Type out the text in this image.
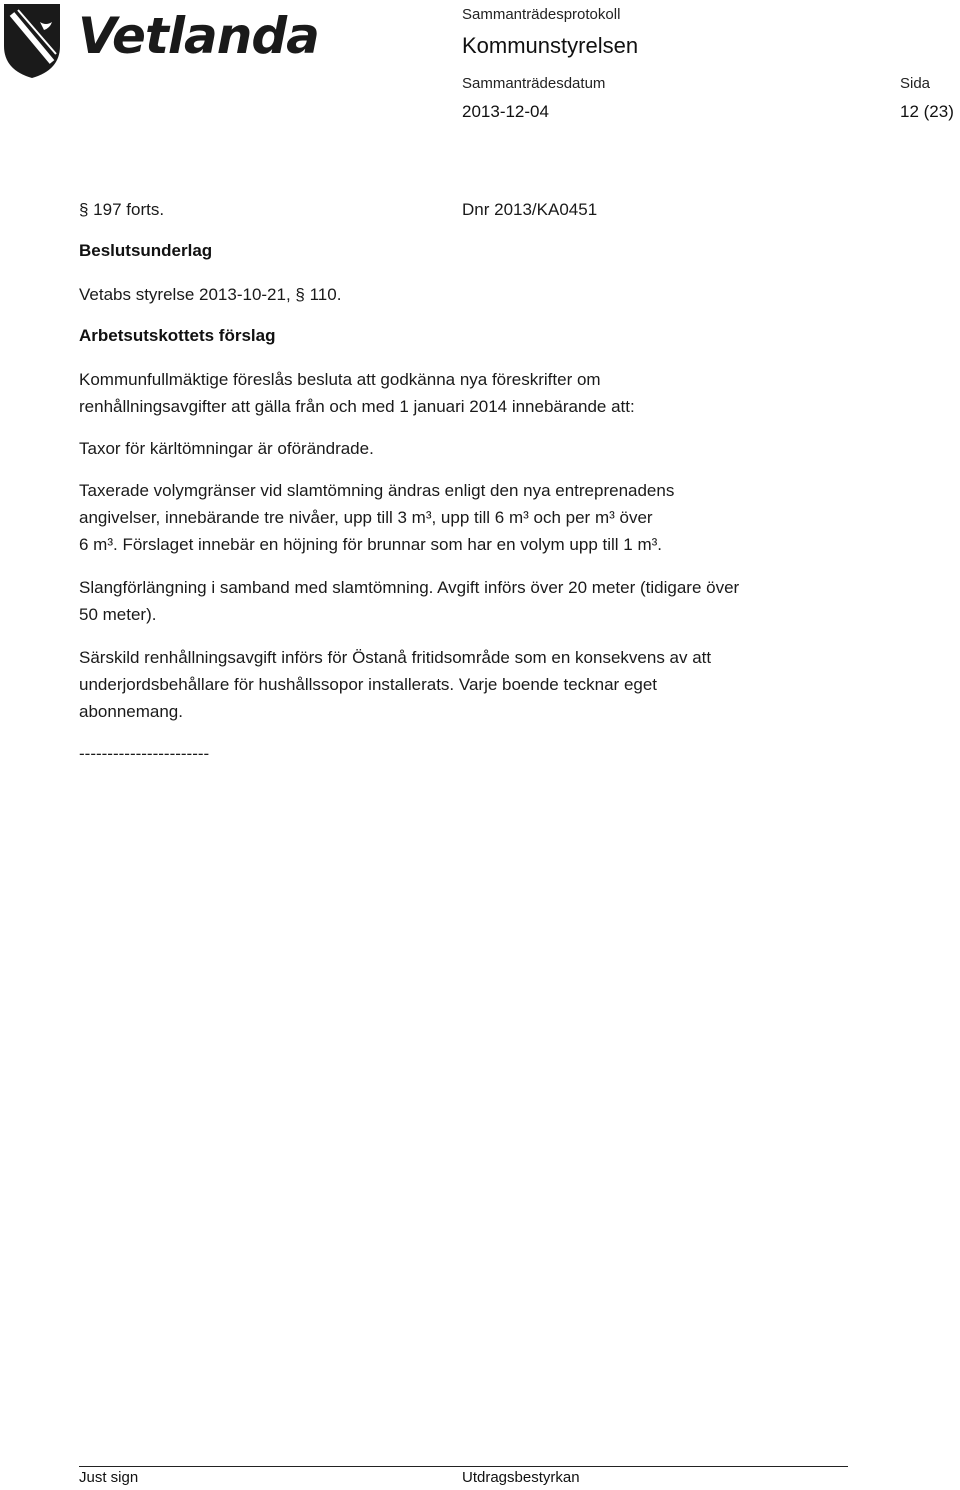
Vetlanda	Sammanträdesprotokoll
Kommunstyrelsen
Sammanträdesdatum	Sida
2013-12-04	12 (23)
§ 197 forts.	Dnr 2013/KA0451
Beslutsunderlag
Vetabs styrelse 2013-10-21, § 110.
Arbetsutskottets förslag
Kommunfullmäktige föreslås besluta att godkänna nya föreskrifter om
renhållningsavgifter att gälla från och med 1 januari 2014 innebärande att:
Taxor för kärltömningar är oförändrade.
Taxerade volymgränser vid slamtömning ändras enligt den nya entreprenadens
angivelser, innebärande tre nivåer, upp till 3 m³, upp till 6 m³ och per m³ över
6 m³. Förslaget innebär en höjning för brunnar som har en volym upp till 1 m³.
Slangförlängning i samband med slamtömning. Avgift införs över 20 meter (tidigare över
50 meter).
Särskild renhållningsavgift införs för Östanå fritidsområde som en konsekvens av att
underjordsbehållare för hushållssopor installerats. Varje boende tecknar eget
abonnemang.
-----------------------
Just sign	Utdragsbestyrkan
